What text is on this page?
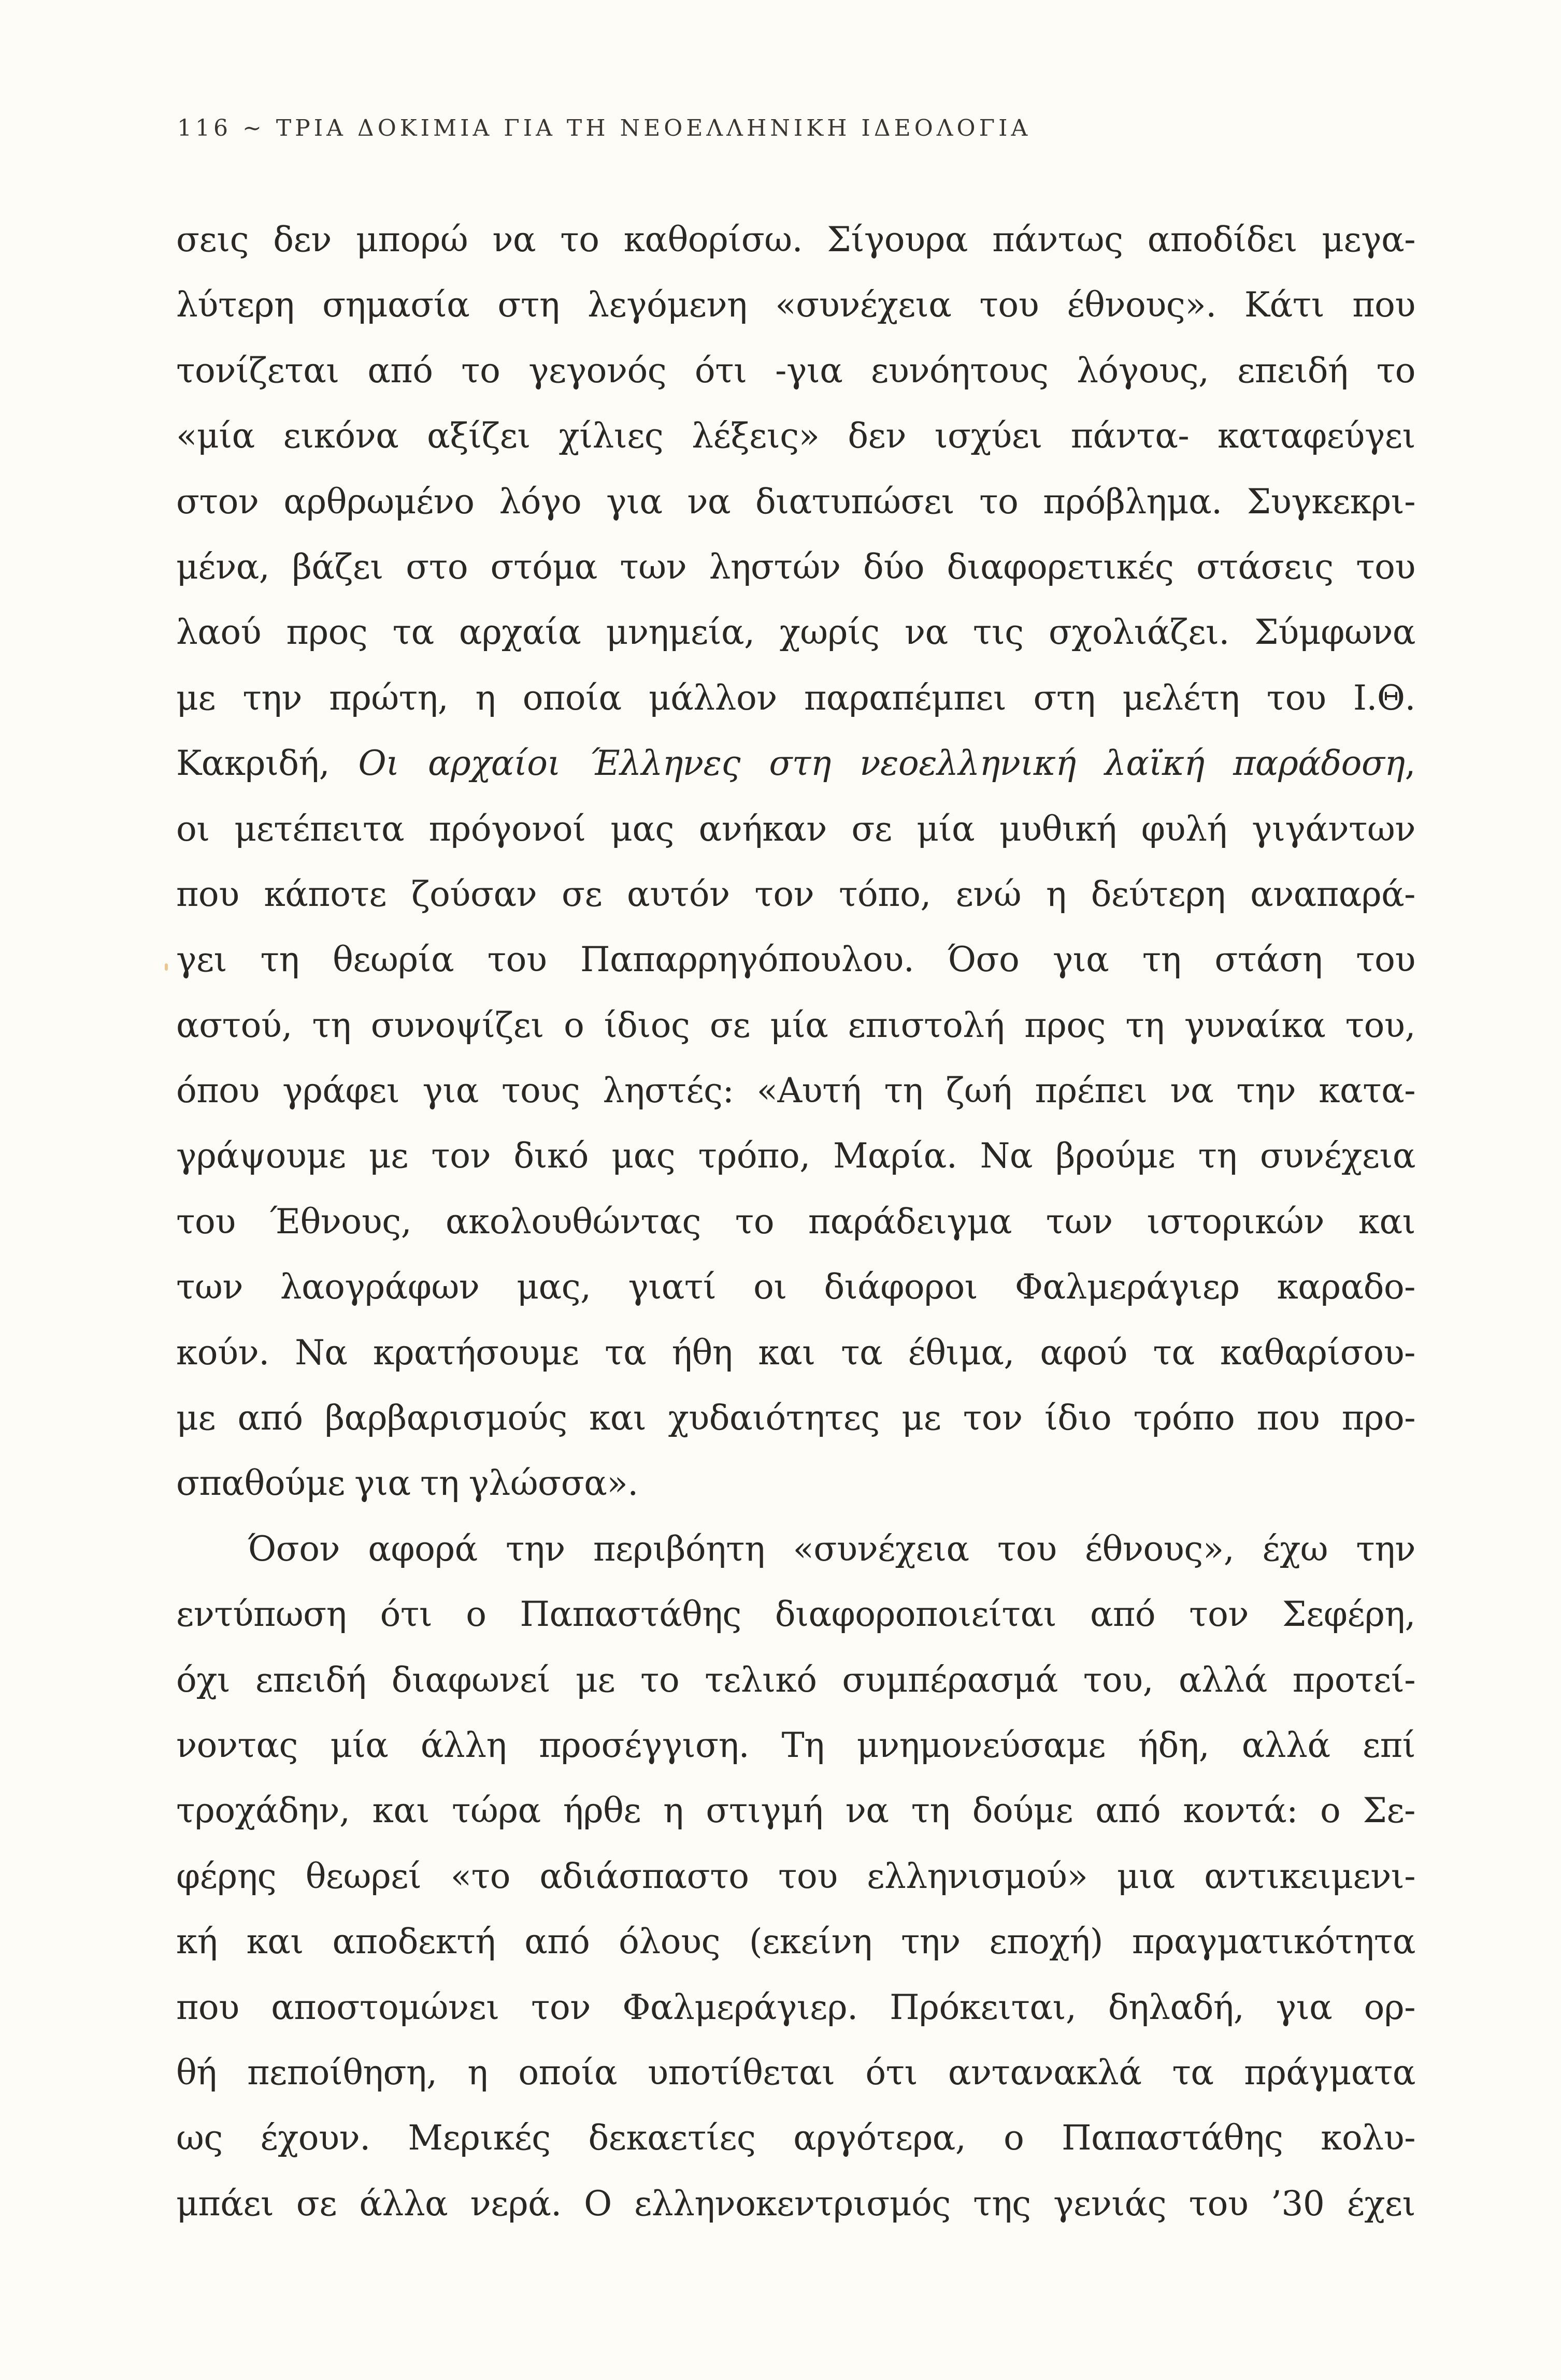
116 ~ ΤΡΙΑ ΔΟΚΙΜΙΑ ΓΙΑ ΤΗ ΝΕΟΕΛΛΗΝΙΚΗ ΙΔΕΟΛΟΓΙΑ
σεις δεν μπορώ να το καθορίσω. Σίγουρα πάντως αποδίδει μεγα-
λύτερη σημασία στη λεγόμενη «συνέχεια του έθνους». Κάτι που
τονίζεται από το γεγονός ότι -για ευνόητους λόγους, επειδή το
«μία εικόνα αξίζει χίλιες λέξεις» δεν ισχύει πάντα- καταφεύγει
στον αρθρωμένο λόγο για να διατυπώσει το πρόβλημα. Συγκεκρι-
μένα, βάζει στο στόμα των ληστών δύο διαφορετικές στάσεις του
λαού προς τα αρχαία μνημεία, χωρίς να τις σχολιάζει. Σύμφωνα
με την πρώτη, η οποία μάλλον παραπέμπει στη μελέτη του Ι.Θ.
Κακριδή, Οι αρχαίοι Έλληνες στη νεοελληνική λαϊκή παράδοση,
οι μετέπειτα πρόγονοί μας ανήκαν σε μία μυθική φυλή γιγάντων
που κάποτε ζούσαν σε αυτόν τον τόπο, ενώ η δεύτερη αναπαρά-
γει τη θεωρία του Παπαρρηγόπουλου. Όσο για τη στάση του
αστού, τη συνοψίζει ο ίδιος σε μία επιστολή προς τη γυναίκα του,
όπου γράφει για τους ληστές: «Αυτή τη ζωή πρέπει να την κατα-
γράψουμε με τον δικό μας τρόπο, Μαρία. Να βρούμε τη συνέχεια
του Έθνους, ακολουθώντας το παράδειγμα των ιστορικών και
των λαογράφων μας, γιατί οι διάφοροι Φαλμεράγιερ καραδο-
κούν. Να κρατήσουμε τα ήθη και τα έθιμα, αφού τα καθαρίσου-
με από βαρβαρισμούς και χυδαιότητες με τον ίδιο τρόπο που προ-
σπαθούμε για τη γλώσσα».
Όσον αφορά την περιβόητη «συνέχεια του έθνους», έχω την
εντύπωση ότι ο Παπαστάθης διαφοροποιείται από τον Σεφέρη,
όχι επειδή διαφωνεί με το τελικό συμπέρασμά του, αλλά προτεί-
νοντας μία άλλη προσέγγιση. Τη μνημονεύσαμε ήδη, αλλά επί
τροχάδην, και τώρα ήρθε η στιγμή να τη δούμε από κοντά: ο Σε-
φέρης θεωρεί «το αδιάσπαστο του ελληνισμού» μια αντικειμενι-
κή και αποδεκτή από όλους (εκείνη την εποχή) πραγματικότητα
που αποστομώνει τον Φαλμεράγιερ. Πρόκειται, δηλαδή, για ορ-
θή πεποίθηση, η οποία υποτίθεται ότι αντανακλά τα πράγματα
ως έχουν. Μερικές δεκαετίες αργότερα, ο Παπαστάθης κολυ-
μπάει σε άλλα νερά. Ο ελληνοκεντρισμός της γενιάς του ’30 έχει
